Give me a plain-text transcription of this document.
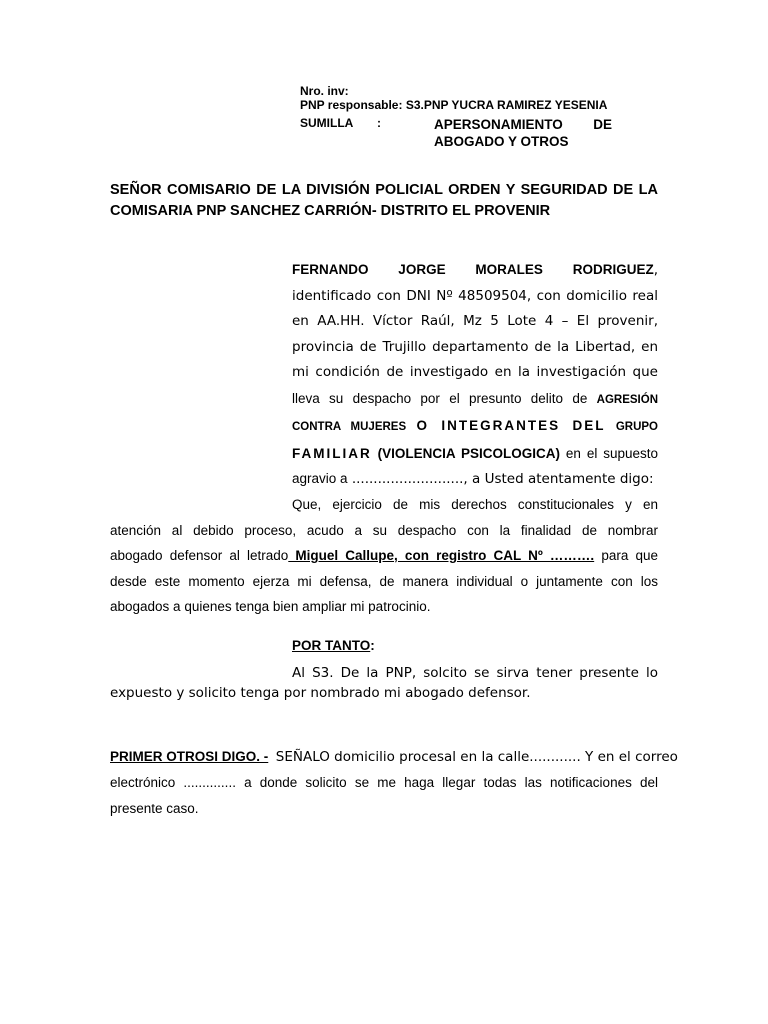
Nro. inv:
PNP responsable: S3.PNP YUCRA RAMIREZ YESENIA
SUMILLA :	APERSONAMIENTO DE
ABOGADO Y OTROS
SEÑOR COMISARIO DE LA DIVISIÓN POLICIAL ORDEN Y SEGURIDAD DE LA
COMISARIA PNP SANCHEZ CARRIÓN- DISTRITO EL PROVENIR
FERNANDO JORGE MORALES RODRIGUEZ,
identificado con DNI Nº 48509504, con domicilio real
en AA.HH. Víctor Raúl, Mz 5 Lote 4 – El provenir,
provincia de Trujillo departamento de la Libertad, en
mi condición de investigado en la investigación que
lleva su despacho por el presunto delito de AGRESIÓN
CONTRA MUJERES O INTEGRANTES DEL GRUPO
FAMILIAR (VIOLENCIA PSICOLOGICA) en el supuesto
agravio a .........................., a Usted atentamente digo:
Que, ejercicio de mis derechos constitucionales y en
atención al debido proceso, acudo a su despacho con la finalidad de nombrar
abogado defensor al letrado Miguel Callupe, con registro CAL Nº ………. para que
desde este momento ejerza mi defensa, de manera individual o juntamente con los
abogados a quienes tenga bien ampliar mi patrocinio.
POR TANTO:
Al S3. De la PNP, solcito se sirva tener presente lo
expuesto y solicito tenga por nombrado mi abogado defensor.
PRIMER OTROSI DIGO. - SEÑALO domicilio procesal en la calle............ Y en el correo
electrónico .............. a donde solicito se me haga llegar todas las notificaciones del
presente caso.
